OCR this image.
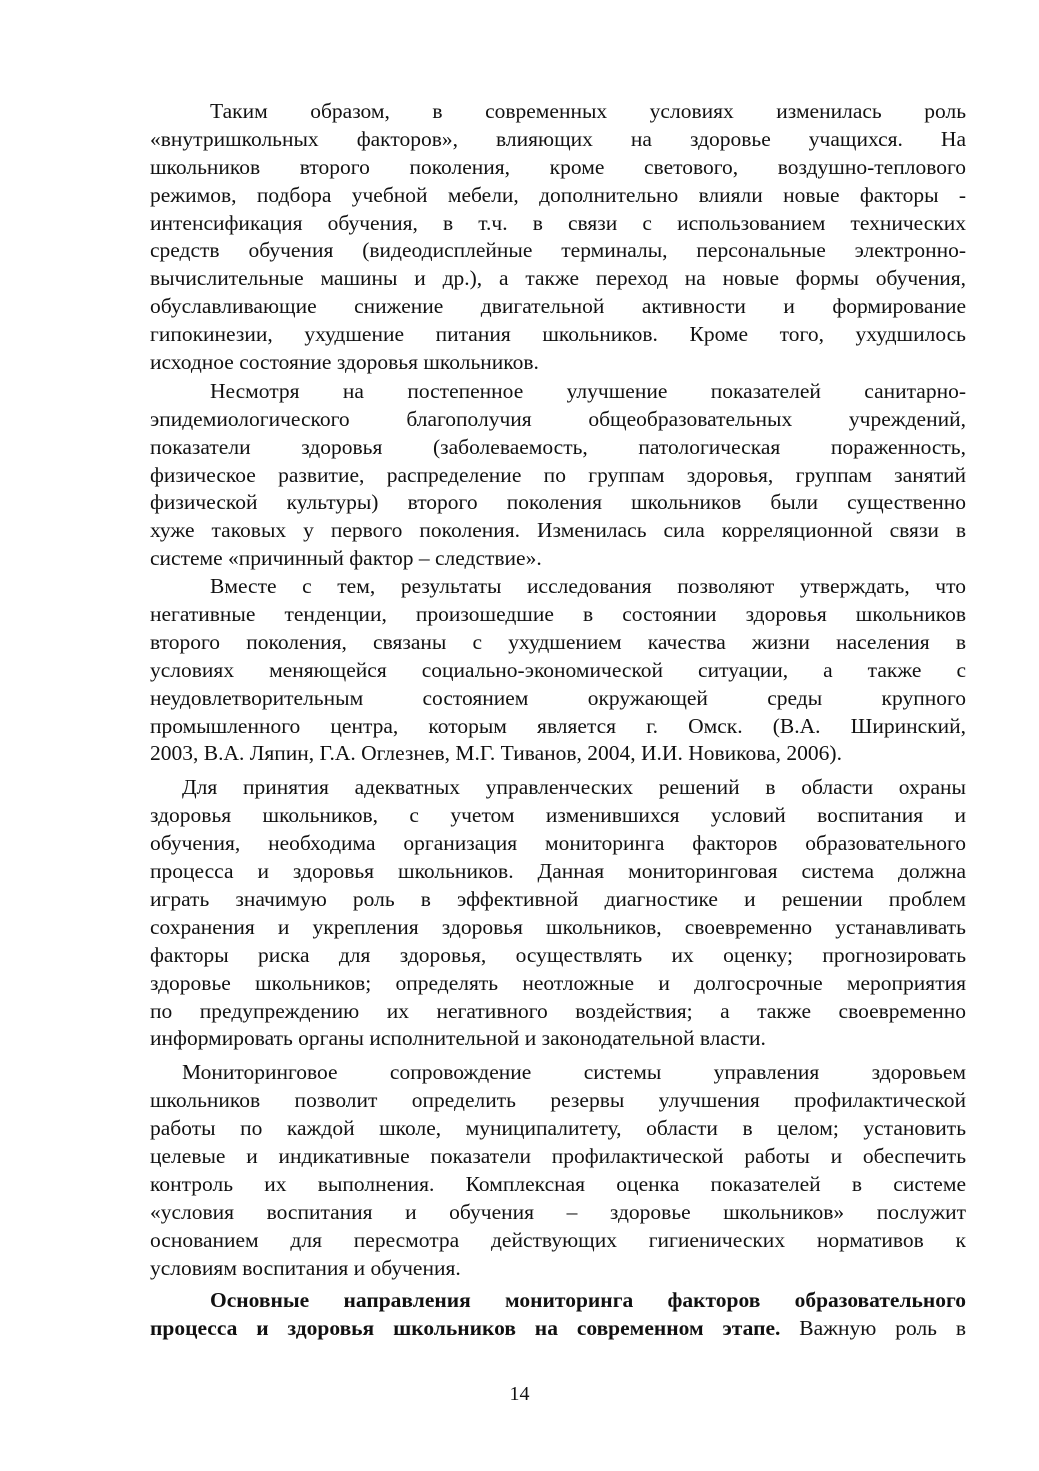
Таким образом, в современных условиях изменилась роль
«внутришкольных факторов», влияющих на здоровье учащихся. На
школьников второго поколения, кроме светового, воздушно-теплового
режимов, подбора учебной мебели, дополнительно влияли новые факторы -
интенсификация обучения, в т.ч. в связи с использованием технических
средств обучения (видеодисплейные терминалы, персональные электронно-
вычислительные машины и др.), а также переход на новые формы обучения,
обуславливающие снижение двигательной активности и формирование
гипокинезии, ухудшение питания школьников. Кроме того, ухудшилось
исходное состояние здоровья школьников.
Несмотря на постепенное улучшение показателей санитарно-
эпидемиологического благополучия общеобразовательных учреждений,
показатели здоровья (заболеваемость, патологическая пораженность,
физическое развитие, распределение по группам здоровья, группам занятий
физической культуры) второго поколения школьников были существенно
хуже таковых у первого поколения. Изменилась сила корреляционной связи в
системе «причинный фактор – следствие».
Вместе с тем, результаты исследования позволяют утверждать, что
негативные тенденции, произошедшие в состоянии здоровья школьников
второго поколения, связаны с ухудшением качества жизни населения в
условиях меняющейся социально-экономической ситуации, а также с
неудовлетворительным состоянием окружающей среды крупного
промышленного центра, которым является г. Омск. (В.А. Ширинский,
2003, В.А. Ляпин, Г.А. Оглезнев, М.Г. Тиванов, 2004, И.И. Новикова, 2006).
Для принятия адекватных управленческих решений в области охраны
здоровья школьников, с учетом изменившихся условий воспитания и
обучения, необходима организация мониторинга факторов образовательного
процесса и здоровья школьников. Данная мониторинговая система должна
играть значимую роль в эффективной диагностике и решении проблем
сохранения и укрепления здоровья школьников, своевременно устанавливать
факторы риска для здоровья, осуществлять их оценку; прогнозировать
здоровье школьников; определять неотложные и долгосрочные мероприятия
по предупреждению их негативного воздействия; а также своевременно
информировать органы исполнительной и законодательной власти.
Мониторинговое сопровождение системы управления здоровьем
школьников позволит определить резервы улучшения профилактической
работы по каждой школе, муниципалитету, области в целом; установить
целевые и индикативные показатели профилактической работы и обеспечить
контроль их выполнения. Комплексная оценка показателей в системе
«условия воспитания и обучения – здоровье школьников» послужит
основанием для пересмотра действующих гигиенических нормативов к
условиям воспитания и обучения.
Основные направления мониторинга факторов образовательного
процесса и здоровья школьников на современном этапе. Важную роль в
14
